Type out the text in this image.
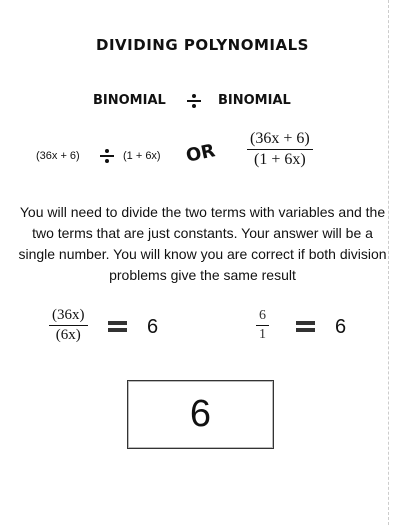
DIVIDING POLYNOMIALS
BINOMIAL	BINOMIAL
(36x + 6)	(1 + 6x) OR
(36x + 6)
(1 + 6x)
You will need to divide the two terms with variables and the two terms that are just constants. Your answer will be a single number. You will know you are correct if both division problems give the same result
(36x)
(6x)	6
6
1	6
6
